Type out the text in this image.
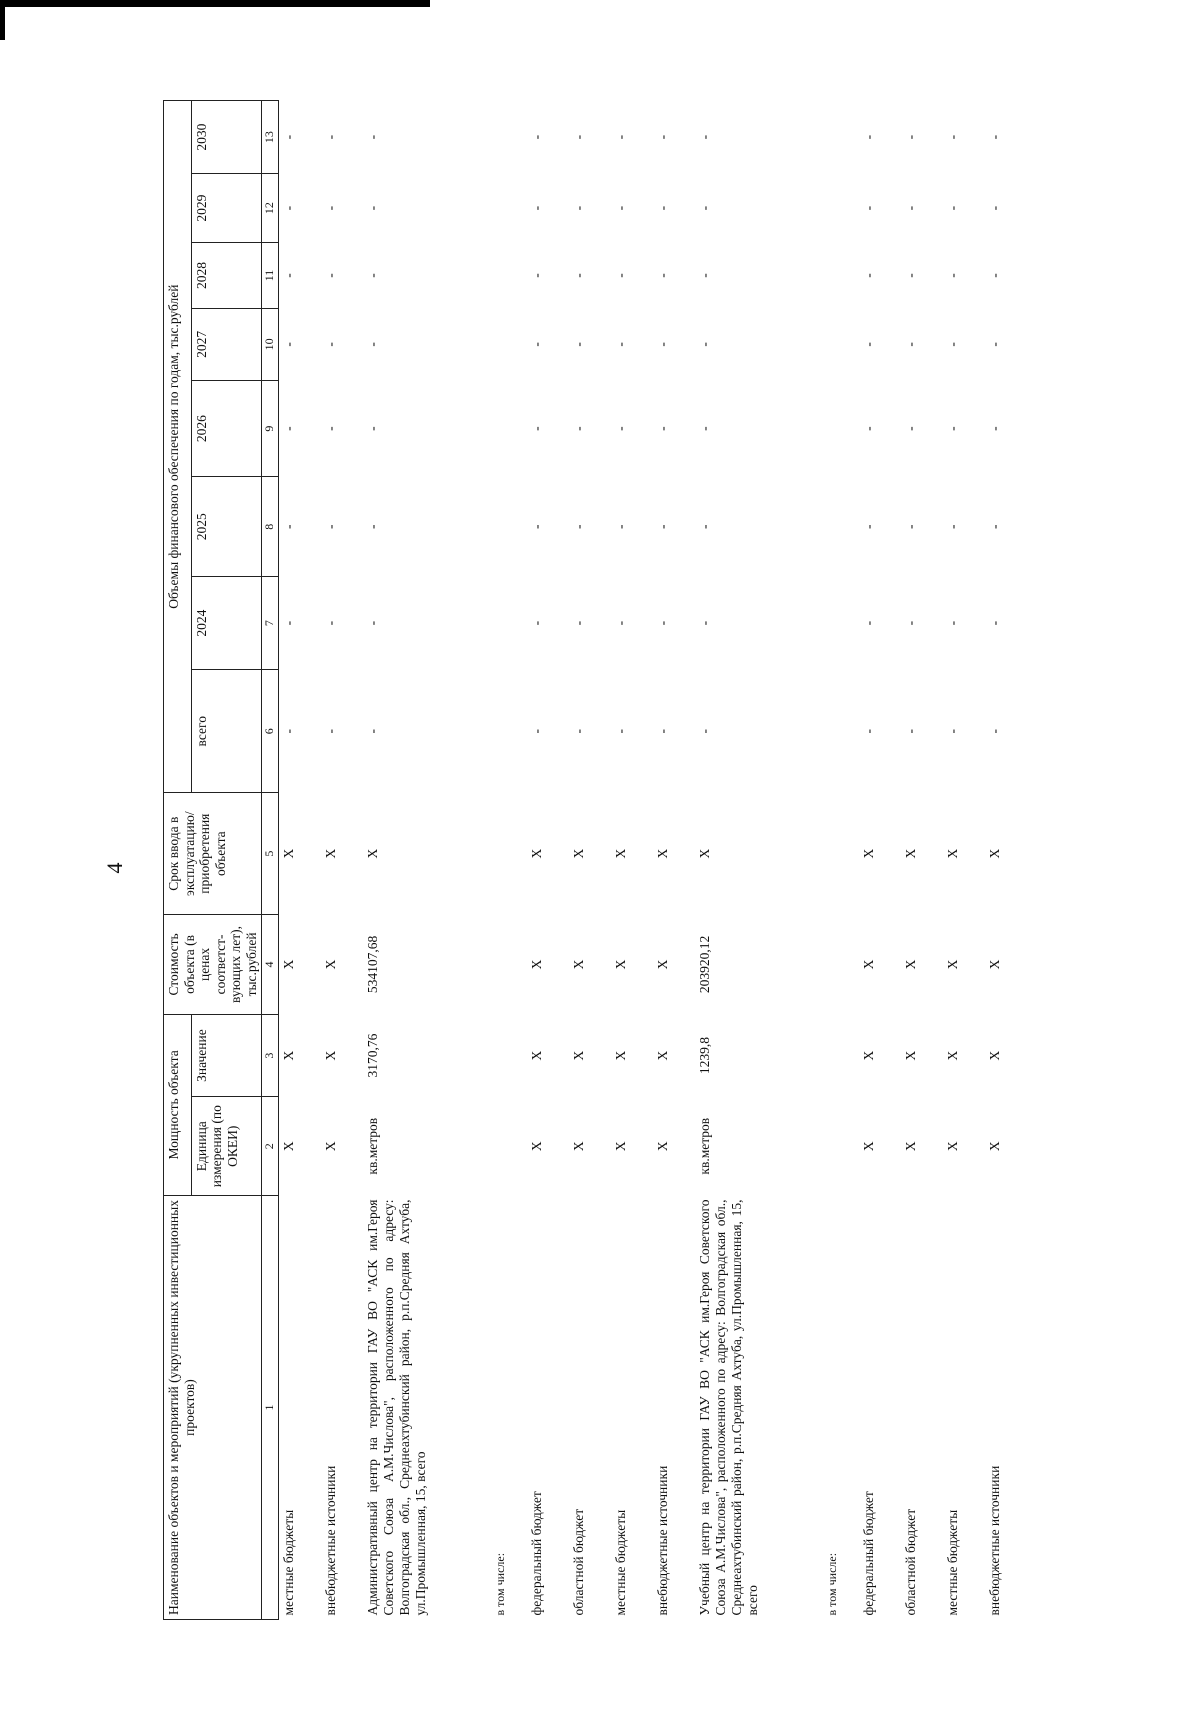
4
Наименование объектов и мероприятий (укрупненных инвестиционных проектов)	Мощность объекта		Стоимость объекта (в ценах соответст-вующих лет), тыс.рублей	Срок ввода в эксплуатацию/ приобретения объекта	Объемы финансового обеспечения по годам, тыс.рублей							
	Единица измерения (по ОКЕИ)	Значение			всего	2024	2025	2026	2027	2028	2029	2030
1	2	3	4	5	6	7	8	9	10	11	12	13
местные бюджеты	X	X	X	X	-	-	-	-	-	-	-	-
внебюджетные источники	X	X	X	X	-	-	-	-	-	-	-	-
Административный центр на территории ГАУ ВО "АСК им.Героя Советского Союза А.М.Числова", расположенного по адресу: Волгоградская обл., Среднеахтубинский район, р.п.Средняя Ахтуба, ул.Промышленная, 15, всего	кв.метров	3170,76	534107,68	X	-	-	-	-	-	-	-	-
в том числе:												
федеральный бюджет	X	X	X	X	-	-	-	-	-	-	-	-
областной бюджет	X	X	X	X	-	-	-	-	-	-	-	-
местные бюджеты	X	X	X	X	-	-	-	-	-	-	-	-
внебюджетные источники	X	X	X	X	-	-	-	-	-	-	-	-
Учебный центр на территории ГАУ ВО "АСК им.Героя Советского Союза А.М.Числова", расположенного по адресу: Волгоградская обл., Среднеахтубинский район, р.п.Средняя Ахтуба, ул.Промышленная, 15, всего	кв.метров	1239,8	203920,12	X	-	-	-	-	-	-	-	-
в том числе:												
федеральный бюджет	X	X	X	X	-	-	-	-	-	-	-	-
областной бюджет	X	X	X	X	-	-	-	-	-	-	-	-
местные бюджеты	X	X	X	X	-	-	-	-	-	-	-	-
внебюджетные источники	X	X	X	X	-	-	-	-	-	-	-	-
